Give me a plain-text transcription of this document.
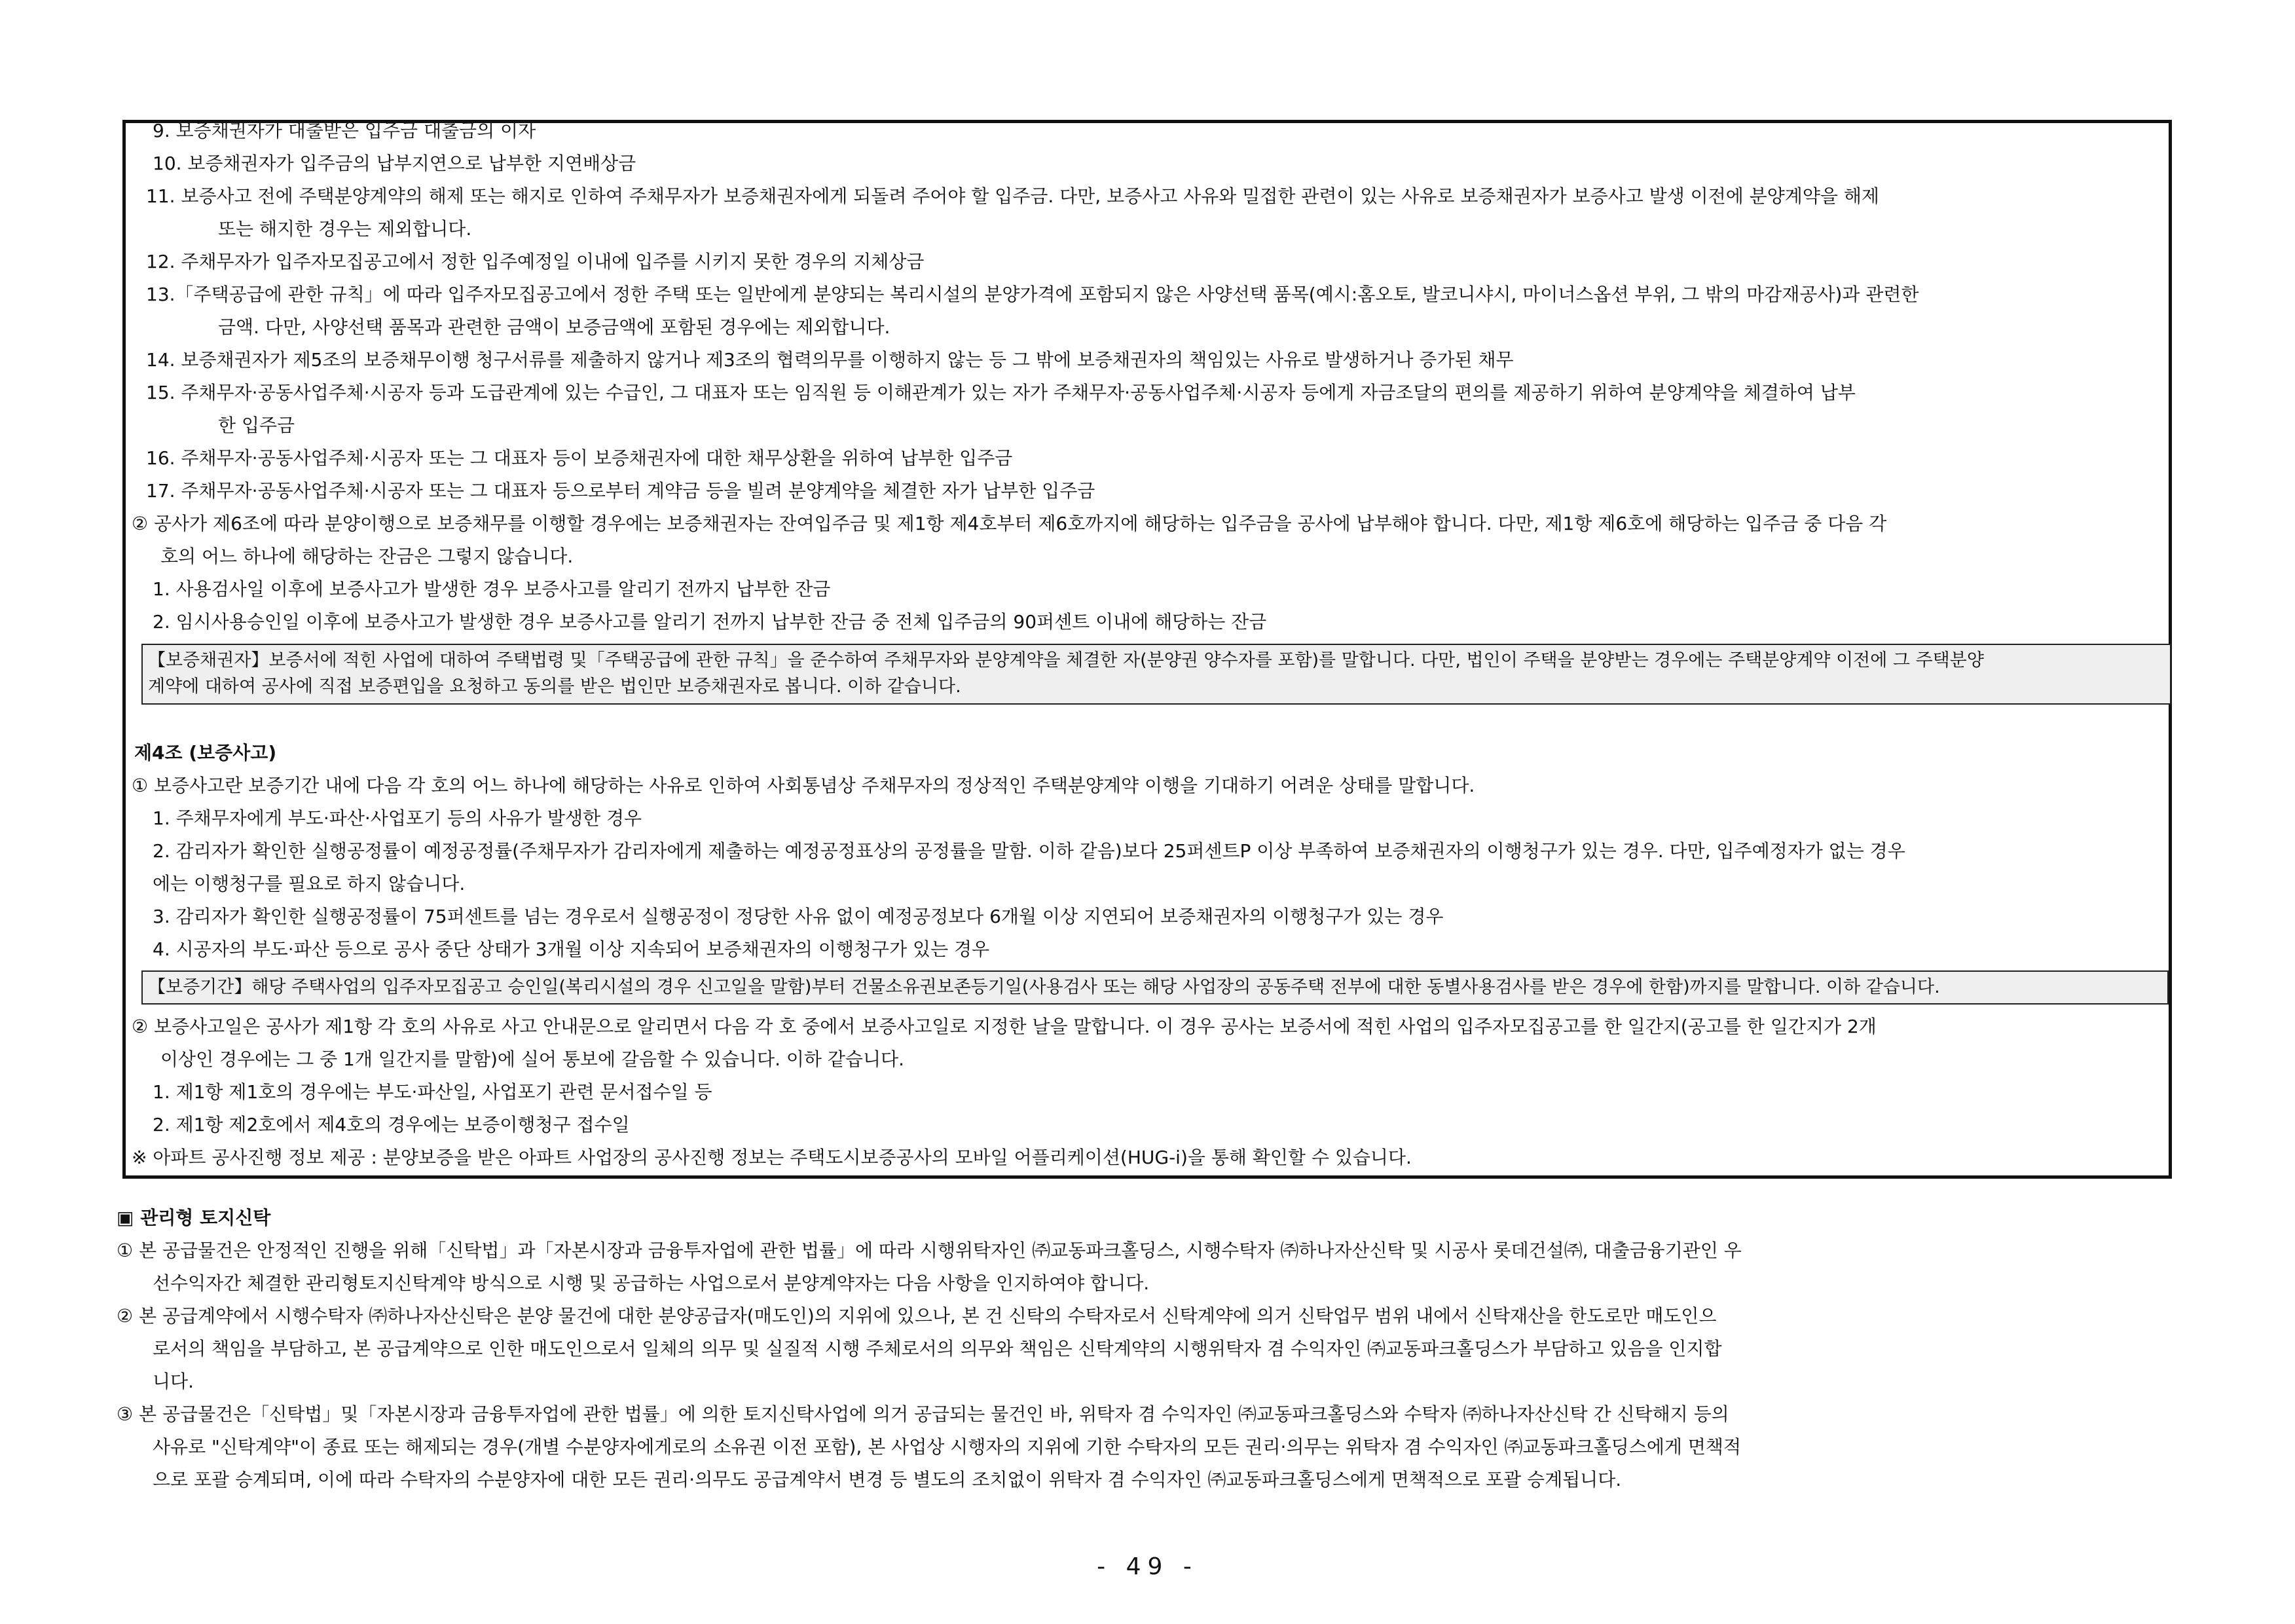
9. 보증채권자가 대출받은 입주금 대출금의 이자
10. 보증채권자가 입주금의 납부지연으로 납부한 지연배상금
11. 보증사고 전에 주택분양계약의 해제 또는 해지로 인하여 주채무자가 보증채권자에게 되돌려 주어야 할 입주금. 다만, 보증사고 사유와 밀접한 관련이 있는 사유로 보증채권자가 보증사고 발생 이전에 분양계약을 해제
또는 해지한 경우는 제외합니다.
12. 주채무자가 입주자모집공고에서 정한 입주예정일 이내에 입주를 시키지 못한 경우의 지체상금
13.「주택공급에 관한 규칙」에 따라 입주자모집공고에서 정한 주택 또는 일반에게 분양되는 복리시설의 분양가격에 포함되지 않은 사양선택 품목(예시:홈오토, 발코니샤시, 마이너스옵션 부위, 그 밖의 마감재공사)과 관련한
금액. 다만, 사양선택 품목과 관련한 금액이 보증금액에 포함된 경우에는 제외합니다.
14. 보증채권자가 제5조의 보증채무이행 청구서류를 제출하지 않거나 제3조의 협력의무를 이행하지 않는 등 그 밖에 보증채권자의 책임있는 사유로 발생하거나 증가된 채무
15. 주채무자·공동사업주체·시공자 등과 도급관계에 있는 수급인, 그 대표자 또는 임직원 등 이해관계가 있는 자가 주채무자·공동사업주체·시공자 등에게 자금조달의 편의를 제공하기 위하여 분양계약을 체결하여 납부
한 입주금
16. 주채무자·공동사업주체·시공자 또는 그 대표자 등이 보증채권자에 대한 채무상환을 위하여 납부한 입주금
17. 주채무자·공동사업주체·시공자 또는 그 대표자 등으로부터 계약금 등을 빌려 분양계약을 체결한 자가 납부한 입주금
② 공사가 제6조에 따라 분양이행으로 보증채무를 이행할 경우에는 보증채권자는 잔여입주금 및 제1항 제4호부터 제6호까지에 해당하는 입주금을 공사에 납부해야 합니다. 다만, 제1항 제6호에 해당하는 입주금 중 다음 각
호의 어느 하나에 해당하는 잔금은 그렇지 않습니다.
1. 사용검사일 이후에 보증사고가 발생한 경우 보증사고를 알리기 전까지 납부한 잔금
2. 임시사용승인일 이후에 보증사고가 발생한 경우 보증사고를 알리기 전까지 납부한 잔금 중 전체 입주금의 90퍼센트 이내에 해당하는 잔금
【보증채권자】보증서에 적힌 사업에 대하여 주택법령 및「주택공급에 관한 규칙」을 준수하여 주채무자와 분양계약을 체결한 자(분양권 양수자를 포함)를 말합니다. 다만, 법인이 주택을 분양받는 경우에는 주택분양계약 이전에 그 주택분양
계약에 대하여 공사에 직접 보증편입을 요청하고 동의를 받은 법인만 보증채권자로 봅니다. 이하 같습니다.
제4조 (보증사고)
① 보증사고란 보증기간 내에 다음 각 호의 어느 하나에 해당하는 사유로 인하여 사회통념상 주채무자의 정상적인 주택분양계약 이행을 기대하기 어려운 상태를 말합니다.
1. 주채무자에게 부도·파산·사업포기 등의 사유가 발생한 경우
2. 감리자가 확인한 실행공정률이 예정공정률(주채무자가 감리자에게 제출하는 예정공정표상의 공정률을 말함. 이하 같음)보다 25퍼센트P 이상 부족하여 보증채권자의 이행청구가 있는 경우. 다만, 입주예정자가 없는 경우
에는 이행청구를 필요로 하지 않습니다.
3. 감리자가 확인한 실행공정률이 75퍼센트를 넘는 경우로서 실행공정이 정당한 사유 없이 예정공정보다 6개월 이상 지연되어 보증채권자의 이행청구가 있는 경우
4. 시공자의 부도·파산 등으로 공사 중단 상태가 3개월 이상 지속되어 보증채권자의 이행청구가 있는 경우
【보증기간】해당 주택사업의 입주자모집공고 승인일(복리시설의 경우 신고일을 말함)부터 건물소유권보존등기일(사용검사 또는 해당 사업장의 공동주택 전부에 대한 동별사용검사를 받은 경우에 한함)까지를 말합니다. 이하 같습니다.
② 보증사고일은 공사가 제1항 각 호의 사유로 사고 안내문으로 알리면서 다음 각 호 중에서 보증사고일로 지정한 날을 말합니다. 이 경우 공사는 보증서에 적힌 사업의 입주자모집공고를 한 일간지(공고를 한 일간지가 2개
이상인 경우에는 그 중 1개 일간지를 말함)에 실어 통보에 갈음할 수 있습니다. 이하 같습니다.
1. 제1항 제1호의 경우에는 부도·파산일, 사업포기 관련 문서접수일 등
2. 제1항 제2호에서 제4호의 경우에는 보증이행청구 접수일
※ 아파트 공사진행 정보 제공 : 분양보증을 받은 아파트 사업장의 공사진행 정보는 주택도시보증공사의 모바일 어플리케이션(HUG-i)을 통해 확인할 수 있습니다.
▣ 관리형 토지신탁
① 본 공급물건은 안정적인 진행을 위해「신탁법」과「자본시장과 금융투자업에 관한 법률」에 따라 시행위탁자인 ㈜교동파크홀딩스, 시행수탁자 ㈜하나자산신탁 및 시공사 롯데건설㈜, 대출금융기관인 우
선수익자간 체결한 관리형토지신탁계약 방식으로 시행 및 공급하는 사업으로서 분양계약자는 다음 사항을 인지하여야 합니다.
② 본 공급계약에서 시행수탁자 ㈜하나자산신탁은 분양 물건에 대한 분양공급자(매도인)의 지위에 있으나, 본 건 신탁의 수탁자로서 신탁계약에 의거 신탁업무 범위 내에서 신탁재산을 한도로만 매도인으
로서의 책임을 부담하고, 본 공급계약으로 인한 매도인으로서 일체의 의무 및 실질적 시행 주체로서의 의무와 책임은 신탁계약의 시행위탁자 겸 수익자인 ㈜교동파크홀딩스가 부담하고 있음을 인지합
니다.
③ 본 공급물건은「신탁법」및「자본시장과 금융투자업에 관한 법률」에 의한 토지신탁사업에 의거 공급되는 물건인 바, 위탁자 겸 수익자인 ㈜교동파크홀딩스와 수탁자 ㈜하나자산신탁 간 신탁해지 등의
사유로 "신탁계약"이 종료 또는 해제되는 경우(개별 수분양자에게로의 소유권 이전 포함), 본 사업상 시행자의 지위에 기한 수탁자의 모든 권리·의무는 위탁자 겸 수익자인 ㈜교동파크홀딩스에게 면책적
으로 포괄 승계되며, 이에 따라 수탁자의 수분양자에 대한 모든 권리·의무도 공급계약서 변경 등 별도의 조치없이 위탁자 겸 수익자인 ㈜교동파크홀딩스에게 면책적으로 포괄 승계됩니다.
- 49 -
